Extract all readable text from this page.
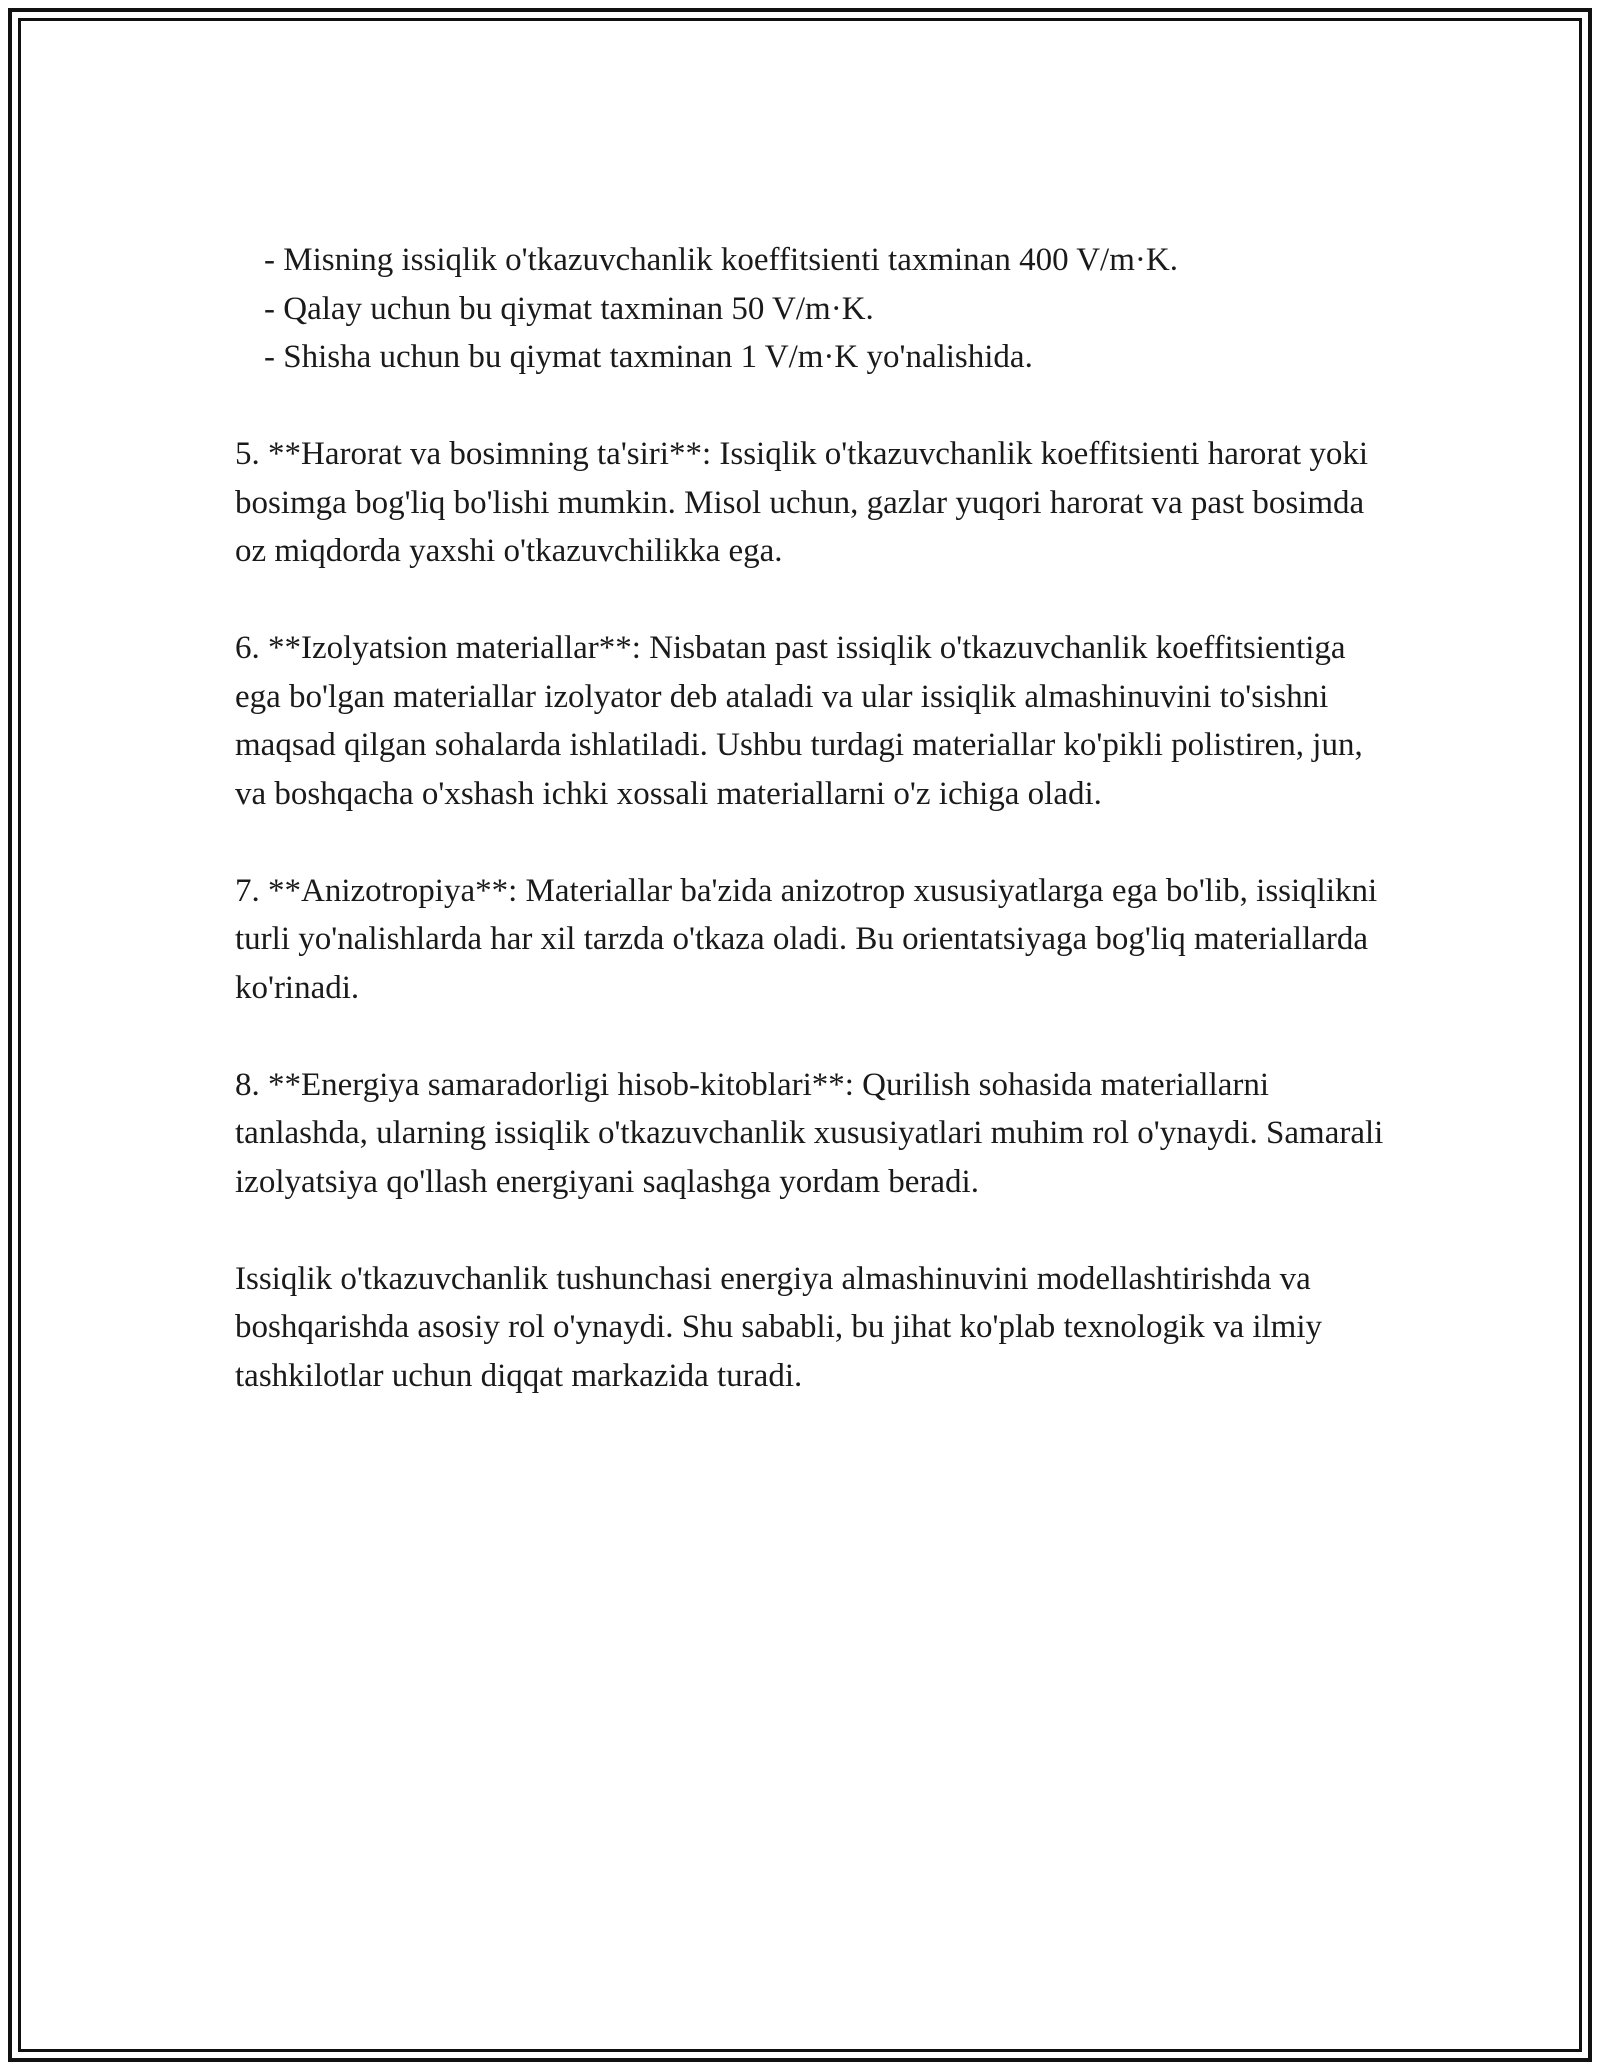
- Misning issiqlik o'tkazuvchanlik koeffitsienti taxminan 400 V/m·K.

- Qalay uchun bu qiymat taxminan 50 V/m·K.

- Shisha uchun bu qiymat taxminan 1 V/m·K yo'nalishida.

5. **Harorat va bosimning ta'siri**: Issiqlik o'tkazuvchanlik koeffitsienti harorat yoki bosimga bog'liq bo'lishi mumkin. Misol uchun, gazlar yuqori harorat va past bosimda oz miqdorda yaxshi o'tkazuvchilikka ega.

6. **Izolyatsion materiallar**: Nisbatan past issiqlik o'tkazuvchanlik koeffitsientiga ega bo'lgan materiallar izolyator deb ataladi va ular issiqlik almashinuvini to'sishni maqsad qilgan sohalarda ishlatiladi. Ushbu turdagi materiallar ko'pikli polistiren, jun, va boshqacha o'xshash ichki xossali materiallarni o'z ichiga oladi.

7. **Anizotropiya**: Materiallar ba'zida anizotrop xususiyatlarga ega bo'lib, issiqlikni turli yo'nalishlarda har xil tarzda o'tkaza oladi. Bu orientatsiyaga bog'liq materiallarda ko'rinadi.

8. **Energiya samaradorligi hisob-kitoblari**: Qurilish sohasida materiallarni tanlashda, ularning issiqlik o'tkazuvchanlik xususiyatlari muhim rol o'ynaydi. Samarali izolyatsiya qo'llash energiyani saqlashga yordam beradi.

Issiqlik o'tkazuvchanlik tushunchasi energiya almashinuvini modellashtirishda va boshqarishda asosiy rol o'ynaydi. Shu sababli, bu jihat ko'plab texnologik va ilmiy tashkilotlar uchun diqqat markazida turadi.
